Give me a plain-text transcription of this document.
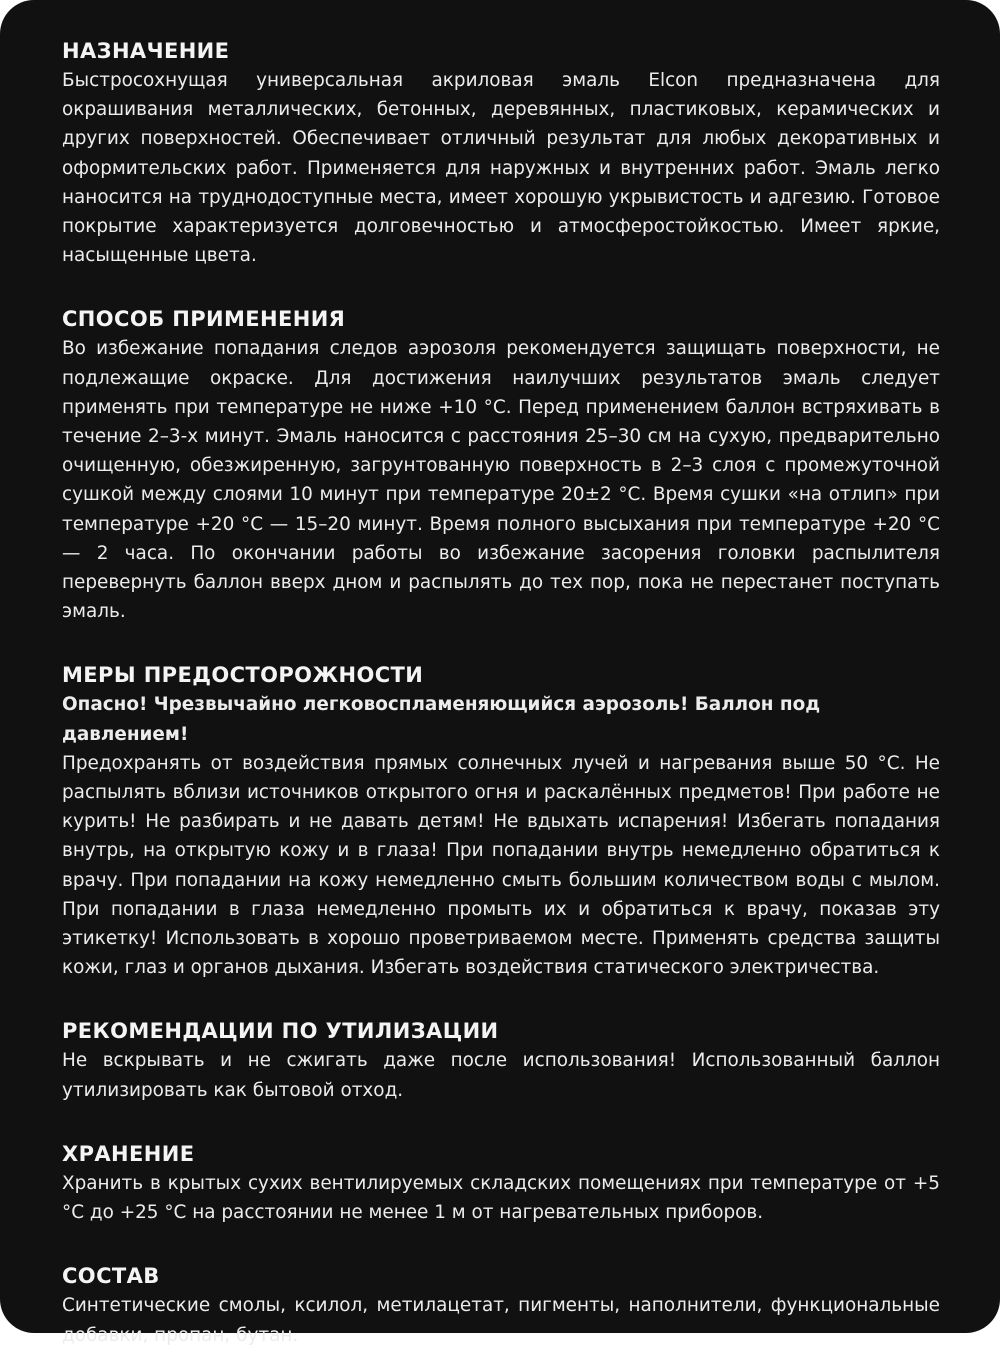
НАЗНАЧЕНИЕ

Быстросохнущая универсальная акриловая эмаль Elcon предназначена для окрашивания металлических, бетонных, деревянных, пластиковых, керамических и других поверхностей. Обеспечивает отличный результат для любых декоративных и оформительских работ. Применяется для наружных и внутренних работ. Эмаль легко наносится на труднодоступные места, имеет хорошую укрывистость и адгезию. Готовое покрытие характеризуется долговечностью и атмосферостойкостью. Имеет яркие, насыщенные цвета.

СПОСОБ ПРИМЕНЕНИЯ

Во избежание попадания следов аэрозоля рекомендуется защищать поверхности, не подлежащие окраске. Для достижения наилучших результатов эмаль следует применять при температуре не ниже +10 °С. Перед применением баллон встряхивать в течение 2–3-х минут. Эмаль наносится с расстояния 25–30 см на сухую, предварительно очищенную, обезжиренную, загрунтованную поверхность в 2–3 слоя с промежуточной сушкой между слоями 10 минут при температуре 20±2 °С. Время сушки «на отлип» при температуре +20 °С — 15–20 минут. Время полного высыхания при температуре +20 °С — 2 часа. По окончании работы во избежание засорения головки распылителя перевернуть баллон вверх дном и распылять до тех пор, пока не перестанет поступать эмаль.

МЕРЫ ПРЕДОСТОРОЖНОСТИ
Опасно! Чрезвычайно легковоспламеняющийся аэрозоль! Баллон под давлением!
Предохранять от воздействия прямых солнечных лучей и нагревания выше 50 °С. Не распылять вблизи источников открытого огня и раскалённых предметов! При работе не курить! Не разбирать и не давать детям! Не вдыхать испарения! Избегать попадания внутрь, на открытую кожу и в глаза! При попадании внутрь немедленно обратиться к врачу. При попадании на кожу немедленно смыть большим количеством воды с мылом. При попадании в глаза немедленно промыть их и обратиться к врачу, показав эту этикетку! Использовать в хорошо проветриваемом месте. Применять средства защиты кожи, глаз и органов дыхания. Избегать воздействия статического электричества.
РЕКОМЕНДАЦИИ ПО УТИЛИЗАЦИИ

Не вскрывать и не сжигать даже после использования! Использованный баллон утилизировать как бытовой отход.

ХРАНЕНИЕ

Хранить в крытых сухих вентилируемых складских помещениях при температуре от +5 °С до +25 °С на расстоянии не менее 1 м от нагревательных приборов.

СОСТАВ

Синтетические смолы, ксилол, метилацетат, пигменты, наполнители, функциональные добавки, пропан, бутан.
